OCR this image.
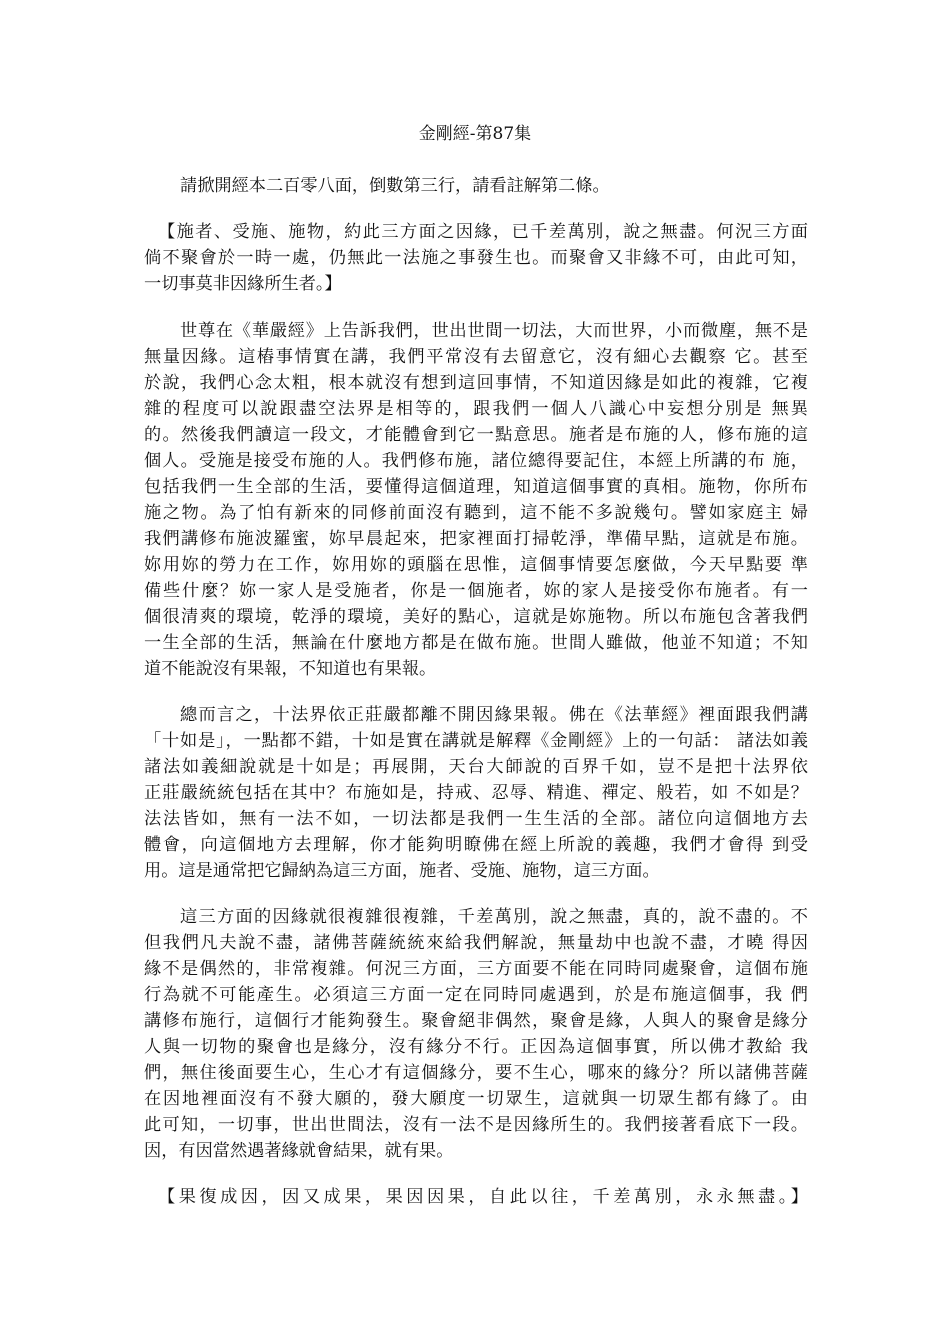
金剛經-第87集
請掀開經本二百零八面，倒數第三行，請看註解第二條。
【施者、受施、施物，約此三方面之因緣，已千差萬別，說之無盡。何況三方面
倘不聚會於一時一處，仍無此一法施之事發生也。而聚會又非緣不可，由此可知，
一切事莫非因緣所生者。】
世尊在《華嚴經》上告訴我們，世出世間一切法，大而世界，小而微塵，無不是
無量因緣。這樁事情實在講，我們平常沒有去留意它，沒有細心去觀察 它。甚至
於說，我們心念太粗，根本就沒有想到這回事情，不知道因緣是如此的複雜，它複
雜的程度可以說跟盡空法界是相等的，跟我們一個人八識心中妄想分別是 無異
的。然後我們讀這一段文，才能體會到它一點意思。施者是布施的人，修布施的這
個人。受施是接受布施的人。我們修布施，諸位總得要記住，本經上所講的布 施，
包括我們一生全部的生活，要懂得這個道理，知道這個事實的真相。施物，你所布
施之物。為了怕有新來的同修前面沒有聽到，這不能不多說幾句。譬如家庭主 婦
我們講修布施波羅蜜，妳早晨起來，把家裡面打掃乾淨，準備早點，這就是布施。
妳用妳的勞力在工作，妳用妳的頭腦在思惟，這個事情要怎麼做，今天早點要 準
備些什麼？妳一家人是受施者，你是一個施者，妳的家人是接受你布施者。有一
個很清爽的環境，乾淨的環境，美好的點心，這就是妳施物。所以布施包含著我們
一生全部的生活，無論在什麼地方都是在做布施。世間人雖做，他並不知道；不知
道不能說沒有果報，不知道也有果報。
總而言之，十法界依正莊嚴都離不開因緣果報。佛在《法華經》裡面跟我們講
「十如是」，一點都不錯，十如是實在講就是解釋《金剛經》上的一句話： 諸法如義
諸法如義細說就是十如是；再展開，天台大師說的百界千如，豈不是把十法界依
正莊嚴統統包括在其中？布施如是，持戒、忍辱、精進、禪定、般若，如 不如是？
法法皆如，無有一法不如，一切法都是我們一生生活的全部。諸位向這個地方去
體會，向這個地方去理解，你才能夠明瞭佛在經上所說的義趣，我們才會得 到受
用。這是通常把它歸納為這三方面，施者、受施、施物，這三方面。
這三方面的因緣就很複雜很複雜，千差萬別，說之無盡，真的，說不盡的。不
但我們凡夫說不盡，諸佛菩薩統統來給我們解說，無量劫中也說不盡，才曉 得因
緣不是偶然的，非常複雜。何況三方面，三方面要不能在同時同處聚會，這個布施
行為就不可能產生。必須這三方面一定在同時同處遇到，於是布施這個事，我 們
講修布施行，這個行才能夠發生。聚會絕非偶然，聚會是緣，人與人的聚會是緣分
人與一切物的聚會也是緣分，沒有緣分不行。正因為這個事實，所以佛才教給 我
們，無住後面要生心，生心才有這個緣分，要不生心，哪來的緣分？所以諸佛菩薩
在因地裡面沒有不發大願的，發大願度一切眾生，這就與一切眾生都有緣了。由
此可知，一切事，世出世間法，沒有一法不是因緣所生的。我們接著看底下一段。
因，有因當然遇著緣就會結果，就有果。
【果復成因，因又成果，果因因果，自此以往，千差萬別，永永無盡。】
